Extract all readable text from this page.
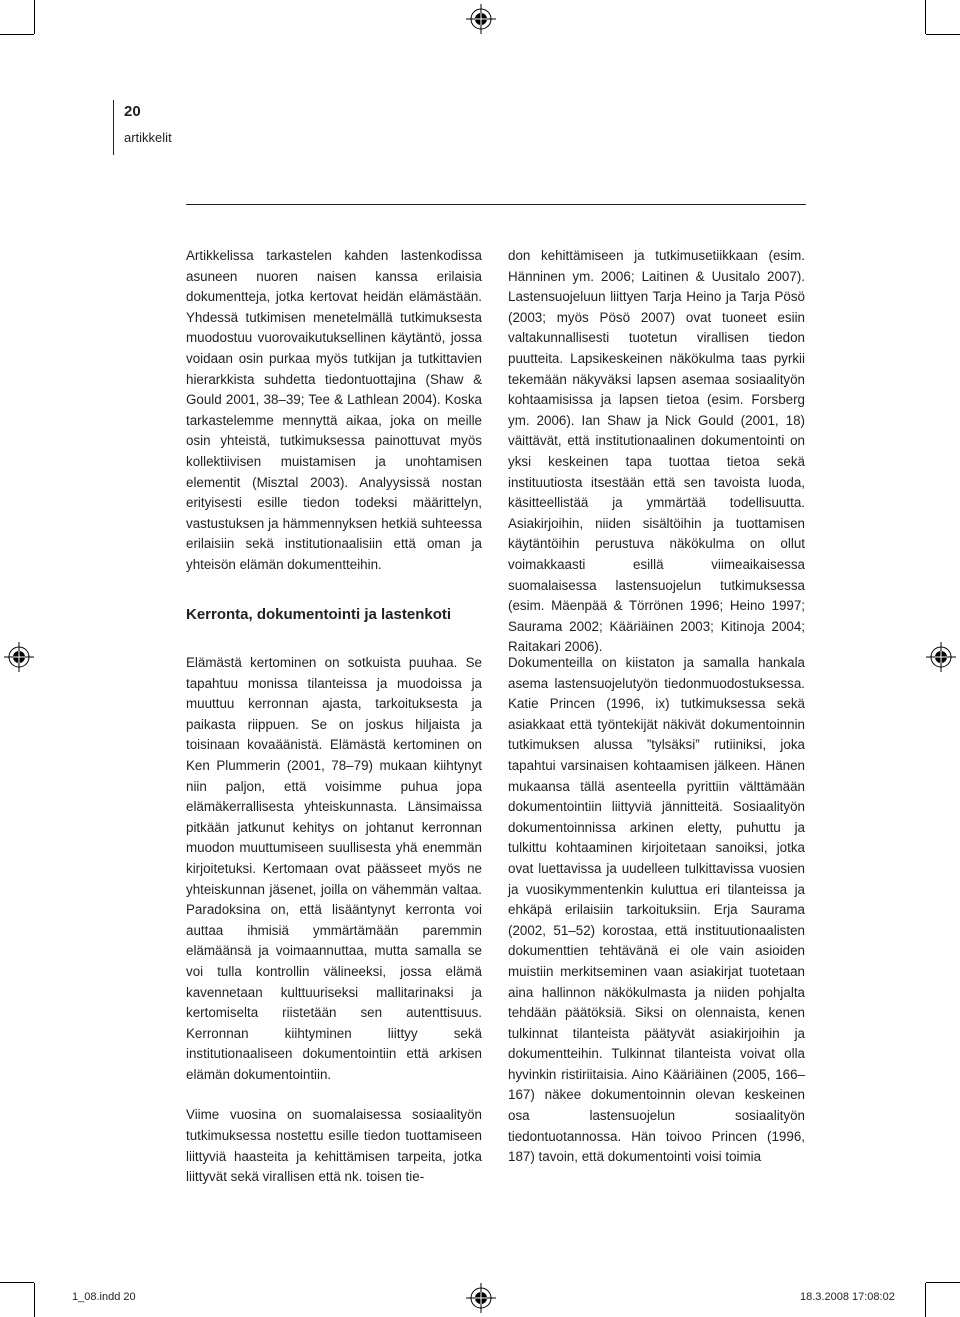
20
artikkelit

Artikkelissa tarkastelen kahden lastenkodissa asuneen nuoren naisen kanssa erilaisia dokumentteja, jotka kertovat heidän elämästään. Yhdessä tutkimisen menetelmällä tutkimuksesta muodostuu vuorovaikutuksellinen käytäntö, jossa voidaan osin purkaa myös tutkijan ja tutkittavien hierarkkista suhdetta tiedontuottajina (Shaw & Gould 2001, 38–39; Tee & Lathlean 2004). Koska tarkastelemme mennyttä aikaa, joka on meille osin yhteistä, tutkimuksessa painottuvat myös kollektiivisen muistamisen ja unohtamisen elementit (Misztal 2003). Analyysissä nostan erityisesti esille tiedon todeksi määrittelyn, vastustuksen ja hämmennyksen hetkiä suhteessa erilaisiin sekä institutionaalisiin että oman ja yhteisön elämän dokumentteihin.

Kerronta, dokumentointi ja lastenkoti

Elämästä kertominen on sotkuista puuhaa. Se tapahtuu monissa tilanteissa ja muodoissa ja muuttuu kerronnan ajasta, tarkoituksesta ja paikasta riippuen. Se on joskus hiljaista ja toisinaan kovaäänistä. Elämästä kertominen on Ken Plummerin (2001, 78–79) mukaan kiihtynyt niin paljon, että voisimme puhua jopa elämäkerrallisesta yhteiskunnasta. Länsimaissa pitkään jatkunut kehitys on johtanut kerronnan muodon muuttumiseen suullisesta yhä enemmän kirjoitetuksi. Kertomaan ovat päässeet myös ne yhteiskunnan jäsenet, joilla on vähemmän valtaa. Paradoksina on, että lisääntynyt kerronta voi auttaa ihmisiä ymmärtämään paremmin elämäänsä ja voimaannuttaa, mutta samalla se voi tulla kontrollin välineeksi, jossa elämä kavennetaan kulttuuriseksi mallitarinaksi ja kertomiselta riistetään sen autenttisuus. Kerronnan kiihtyminen liittyy sekä institutionaaliseen dokumentointiin että arkisen elämän dokumentointiin.

Viime vuosina on suomalaisessa sosiaalityön tutkimuksessa nostettu esille tiedon tuottamiseen liittyviä haasteita ja kehittämisen tarpeita, jotka liittyvät sekä virallisen että nk. toisen tie-

don kehittämiseen ja tutkimusetiikkaan (esim. Hänninen ym. 2006; Laitinen & Uusitalo 2007). Lastensuojeluun liittyen Tarja Heino ja Tarja Pösö (2003; myös Pösö 2007) ovat tuoneet esiin valtakunnallisesti tuotetun virallisen tiedon puutteita. Lapsikeskeinen näkökulma taas pyrkii tekemään näkyväksi lapsen asemaa sosiaalityön kohtaamisissa ja lapsen tietoa (esim. Forsberg ym. 2006). Ian Shaw ja Nick Gould (2001, 18) väittävät, että institutionaalinen dokumentointi on yksi keskeinen tapa tuottaa tietoa sekä instituutiosta itsestään että sen tavoista luoda, käsitteellistää ja ymmärtää todellisuutta. Asiakirjoihin, niiden sisältöihin ja tuottamisen käytäntöihin perustuva näkökulma on ollut voimakkaasti esillä viimeaikaisessa suomalaisessa lastensuojelun tutkimuksessa (esim. Mäenpää & Törrönen 1996; Heino 1997; Saurama 2002; Kääriäinen 2003; Kitinoja 2004; Raitakari 2006).

Dokumenteilla on kiistaton ja samalla hankala asema lastensuojelutyön tiedonmuodostuksessa. Katie Princen (1996, ix) tutkimuksessa sekä asiakkaat että työntekijät näkivät dokumentoinnin tutkimuksen alussa ”tylsäksi” rutiiniksi, joka tapahtui varsinaisen kohtaamisen jälkeen. Hänen mukaansa tällä asenteella pyrittiin välttämään dokumentointiin liittyviä jännitteitä. Sosiaalityön dokumentoinnissa arkinen eletty, puhuttu ja tulkittu kohtaaminen kirjoitetaan sanoiksi, jotka ovat luettavissa ja uudelleen tulkittavissa vuosien ja vuosikymmentenkin kuluttua eri tilanteissa ja ehkäpä erilaisiin tarkoituksiin. Erja Saurama (2002, 51–52) korostaa, että instituutionaalisten dokumenttien tehtävänä ei ole vain asioiden muistiin merkitseminen vaan asiakirjat tuotetaan aina hallinnon näkökulmasta ja niiden pohjalta tehdään päätöksiä. Siksi on olennaista, kenen tulkinnat tilanteista päätyvät asiakirjoihin ja dokumentteihin. Tulkinnat tilanteista voivat olla hyvinkin ristiriitaisia. Aino Kääriäinen (2005, 166–167) näkee dokumentoinnin olevan keskeinen osa lastensuojelun sosiaalityön tiedontuotannossa. Hän toivoo Princen (1996, 187) tavoin, että dokumentointi voisi toimia

1_08.indd 20	18.3.2008 17:08:02
